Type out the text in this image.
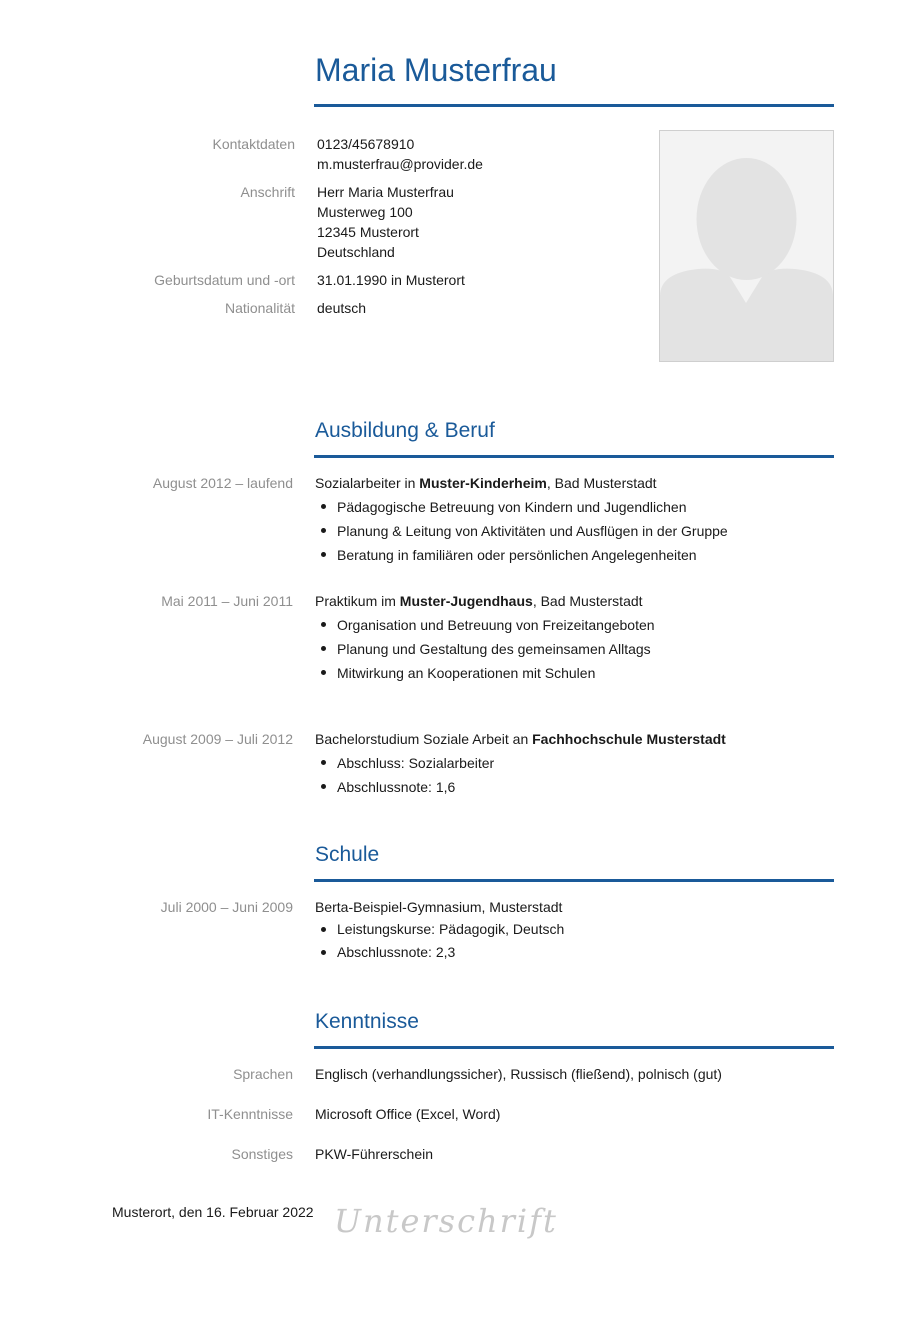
Maria Musterfrau
Kontaktdaten 0123/45678910
m.musterfrau@provider.de
Anschrift Herr Maria Musterfrau
Musterweg 100
12345 Musterort
Deutschland
Geburtsdatum und -ort 31.01.1990 in Musterort
Nationalität deutsch
Ausbildung & Beruf
August 2012 – laufend Sozialarbeiter in Muster-Kinderheim, Bad Musterstadt
Pädagogische Betreuung von Kindern und Jugendlichen
Planung & Leitung von Aktivitäten und Ausflügen in der Gruppe
Beratung in familiären oder persönlichen Angelegenheiten
Mai 2011 – Juni 2011 Praktikum im Muster-Jugendhaus, Bad Musterstadt
Organisation und Betreuung von Freizeitangeboten
Planung und Gestaltung des gemeinsamen Alltags
Mitwirkung an Kooperationen mit Schulen
August 2009 – Juli 2012 Bachelorstudium Soziale Arbeit an Fachhochschule Musterstadt
Abschluss: Sozialarbeiter
Abschlussnote: 1,6
Schule
Juli 2000 – Juni 2009 Berta-Beispiel-Gymnasium, Musterstadt
Leistungskurse: Pädagogik, Deutsch
Abschlussnote: 2,3
Kenntnisse
Sprachen Englisch (verhandlungssicher), Russisch (fließend), polnisch (gut)
IT-Kenntnisse Microsoft Office (Excel, Word)
Sonstiges PKW-Führerschein
Musterort, den 16. Februar 2022 Unterschrift
